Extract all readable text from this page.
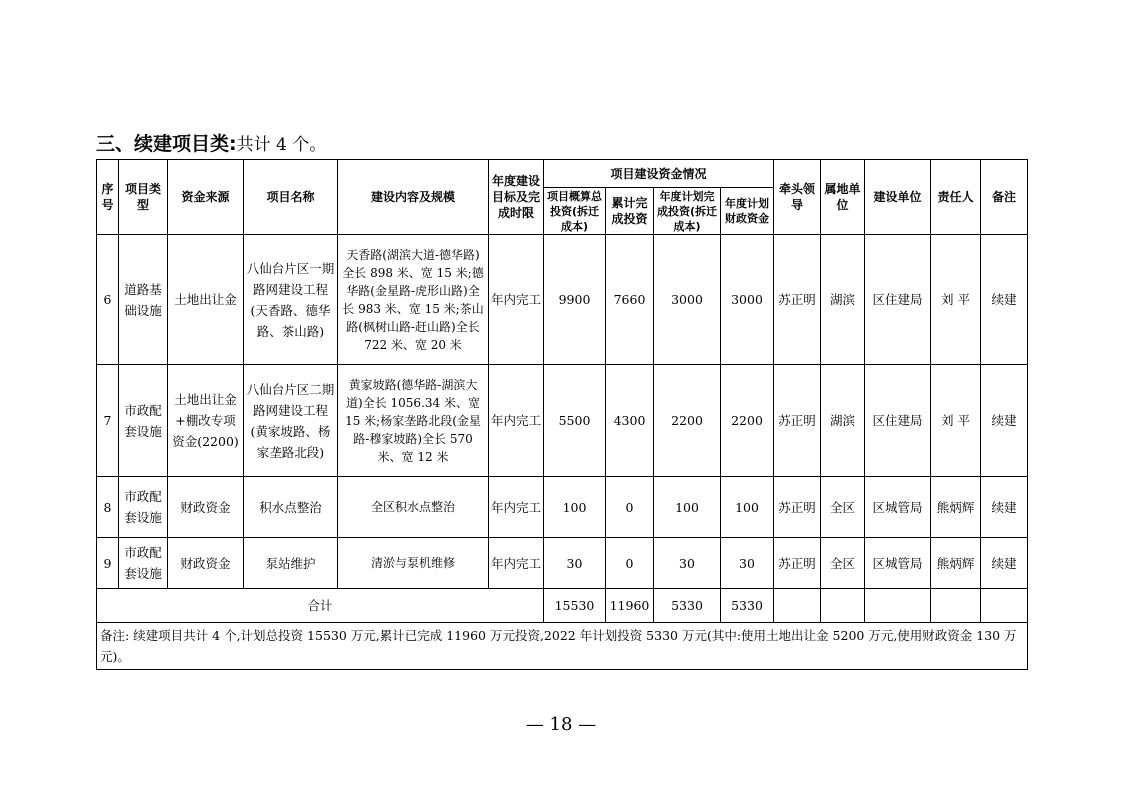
三、续建项目类:共计 4 个。
序号	项目类型	资金来源	项目名称	建设内容及规模	年度建设目标及完成时限	项目建设资金情况				牵头领导	属地单位	建设单位	责任人	备注
						项目概算总投资(拆迁成本)	累计完成投资	年度计划完成投资(拆迁成本)	年度计划财政资金					
6	道路基础设施	土地出让金	八仙台片区一期路网建设工程(天香路、德华路、茶山路)	天香路(湖滨大道-德华路)全长 898 米、宽 15 米;德华路(金星路-虎形山路)全长 983 米、宽 15 米;茶山路(枫树山路-赶山路)全长 722 米、宽 20 米	年内完工	9900	7660	3000	3000	苏正明	湖滨	区住建局	刘 平	续建
7	市政配套设施	土地出让金+棚改专项资金(2200)	八仙台片区二期路网建设工程(黄家坡路、杨家垄路北段)	黄家坡路(德华路-湖滨大道)全长 1056.34 米、宽 15 米;杨家垄路北段(金星路-穆家坡路)全长 570 米、宽 12 米	年内完工	5500	4300	2200	2200	苏正明	湖滨	区住建局	刘 平	续建
8	市政配套设施	财政资金	积水点整治	全区积水点整治	年内完工	100	0	100	100	苏正明	全区	区城管局	熊炳辉	续建
9	市政配套设施	财政资金	泵站维护	清淤与泵机维修	年内完工	30	0	30	30	苏正明	全区	区城管局	熊炳辉	续建
合计						15530	11960	5330	5330					
备注: 续建项目共计 4 个,计划总投资 15530 万元,累计已完成 11960 万元投资,2022 年计划投资 5330 万元(其中:使用土地出让金 5200 万元,使用财政资金 130 万元)。														
— 18 —
